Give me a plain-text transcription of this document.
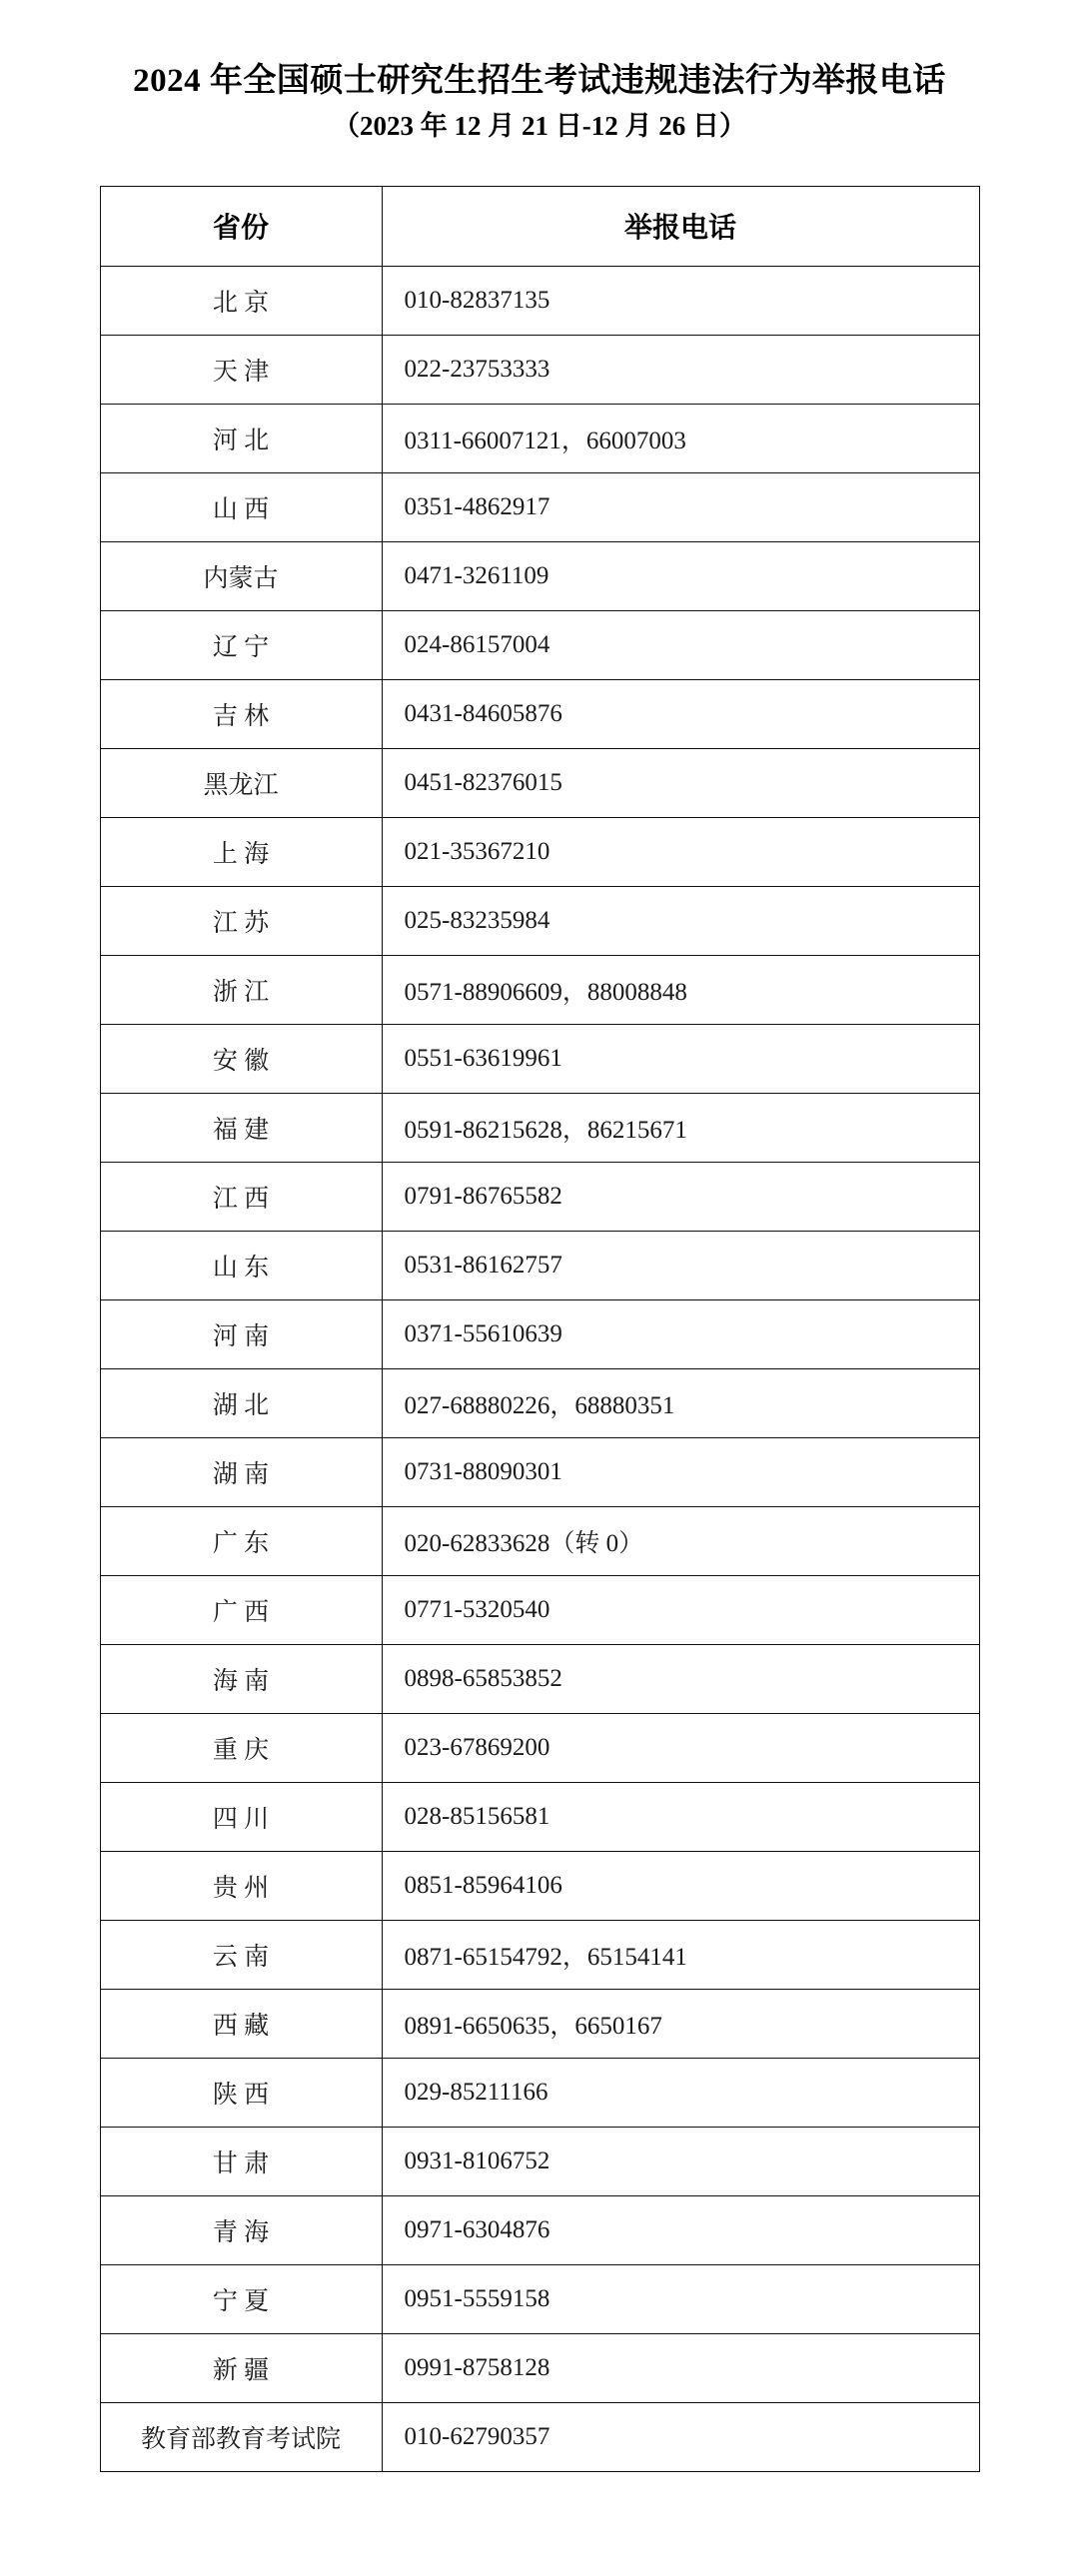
2024 年全国硕士研究生招生考试违规违法行为举报电话
（2023 年 12 月 21 日-12 月 26 日）
省份	举报电话
北 京	010-82837135
天 津	022-23753333
河 北	0311-66007121，66007003
山 西	0351-4862917
内蒙古	0471-3261109
辽 宁	024-86157004
吉 林	0431-84605876
黑龙江	0451-82376015
上 海	021-35367210
江 苏	025-83235984
浙 江	0571-88906609，88008848
安 徽	0551-63619961
福 建	0591-86215628，86215671
江 西	0791-86765582
山 东	0531-86162757
河 南	0371-55610639
湖 北	027-68880226，68880351
湖 南	0731-88090301
广 东	020-62833628（转 0）
广 西	0771-5320540
海 南	0898-65853852
重 庆	023-67869200
四 川	028-85156581
贵 州	0851-85964106
云 南	0871-65154792，65154141
西 藏	0891-6650635，6650167
陕 西	029-85211166
甘 肃	0931-8106752
青 海	0971-6304876
宁 夏	0951-5559158
新 疆	0991-8758128
教育部教育考试院	010-62790357
